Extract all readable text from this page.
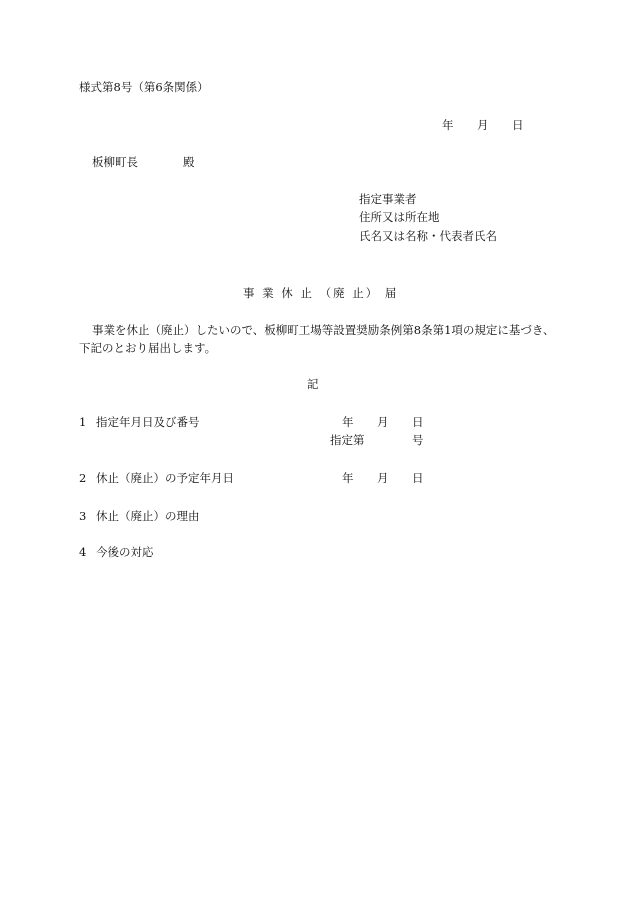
様式第8号（第6条関係）
年 月 日
板柳町長	殿
指定事業者
住所又は所在地
氏名又は名称・代表者氏名
事 業 休 止 （廃 止） 届
事業を休止（廃止）したいので、板柳町工場等設置奨励条例第8条第1項の規定に基づき、
下記のとおり届出します。
記
1 指定年月日及び番号	年 月 日
指定第	号
2 休止（廃止）の予定年月日	年 月 日
3 休止（廃止）の理由
4 今後の対応
